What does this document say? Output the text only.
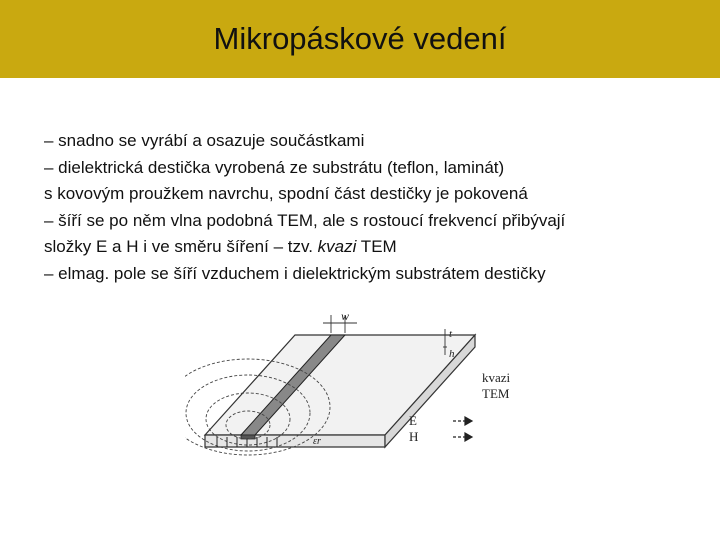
Mikropáskové vedení

– snadno se vyrábí a osazuje součástkami

– dielektrická destička vyrobená ze substrátu (teflon, laminát)

s kovovým proužkem navrchu, spodní část destičky je pokovená

– šíří se po něm vlna podobná TEM, ale s rostoucí frekvencí přibývají

složky E a H i ve směru šíření – tzv. kvazi TEM

– elmag. pole se šíří vzduchem i dielektrickým substrátem destičky

w
t
h
kvazi
TEM
E
H
εr
